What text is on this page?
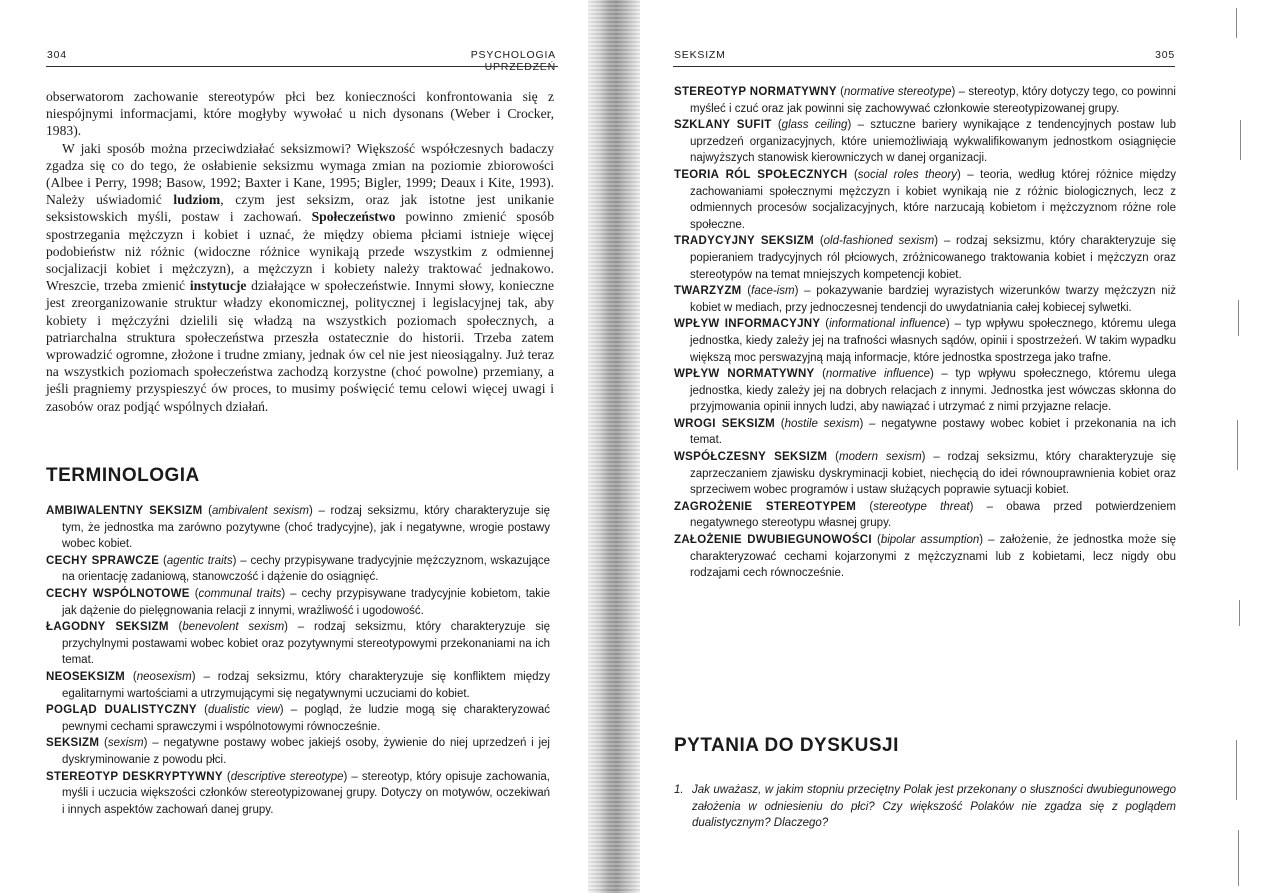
304	PSYCHOLOGIA UPRZEDZEŃ

obserwatorom zachowanie stereotypów płci bez konieczności konfrontowania się z niespójnymi informacjami, które mogłyby wywołać u nich dysonans (Weber i Crocker, 1983).

W jaki sposób można przeciwdziałać seksizmowi? Większość współczesnych badaczy zgadza się co do tego, że osłabienie seksizmu wymaga zmian na poziomie zbiorowości (Albee i Perry, 1998; Basow, 1992; Baxter i Kane, 1995; Bigler, 1999; Deaux i Kite, 1993). Należy uświadomić ludziom, czym jest seksizm, oraz jak istotne jest unikanie seksistowskich myśli, postaw i zachowań. Społeczeństwo powinno zmienić sposób spostrzegania mężczyzn i kobiet i uznać, że między obiema płciami istnieje więcej podobieństw niż różnic (widoczne różnice wynikają przede wszystkim z odmiennej socjalizacji kobiet i mężczyzn), a mężczyzn i kobiety należy traktować jednakowo. Wreszcie, trzeba zmienić instytucje działające w społeczeństwie. Innymi słowy, konieczne jest zreorganizowanie struktur władzy ekonomicznej, politycznej i legislacyjnej tak, aby kobiety i mężczyźni dzielili się władzą na wszystkich poziomach społecznych, a patriarchalna struktura społeczeństwa przeszła ostatecznie do historii. Trzeba zatem wprowadzić ogromne, złożone i trudne zmiany, jednak ów cel nie jest nieosiągalny. Już teraz na wszystkich poziomach społeczeństwa zachodzą korzystne (choć powolne) przemiany, a jeśli pragniemy przyspieszyć ów proces, to musimy poświęcić temu celowi więcej uwagi i zasobów oraz podjąć wspólnych działań.

TERMINOLOGIA

AMBIWALENTNY SEKSIZM (ambivalent sexism) – rodzaj seksizmu, który charakteryzuje się tym, że jednostka ma zarówno pozytywne (choć tradycyjne), jak i negatywne, wrogie postawy wobec kobiet.

CECHY SPRAWCZE (agentic traits) – cechy przypisywane tradycyjnie mężczyznom, wskazujące na orientację zadaniową, stanowczość i dążenie do osiągnięć.

CECHY WSPÓLNOTOWE (communal traits) – cechy przypisywane tradycyjnie kobietom, takie jak dążenie do pielęgnowania relacji z innymi, wrażliwość i ugodowość.

ŁAGODNY SEKSIZM (benevolent sexism) – rodzaj seksizmu, który charakteryzuje się przychylnymi postawami wobec kobiet oraz pozytywnymi stereotypowymi przekonaniami na ich temat.

NEOSEKSIZM (neosexism) – rodzaj seksizmu, który charakteryzuje się konfliktem między egalitarnymi wartościami a utrzymującymi się negatywnymi uczuciami do kobiet.

POGLĄD DUALISTYCZNY (dualistic view) – pogląd, że ludzie mogą się charakteryzować pewnymi cechami sprawczymi i wspólnotowymi równocześnie.

SEKSIZM (sexism) – negatywne postawy wobec jakiejś osoby, żywienie do niej uprzedzeń i jej dyskryminowanie z powodu płci.

STEREOTYP DESKRYPTYWNY (descriptive stereotype) – stereotyp, który opisuje zachowania, myśli i uczucia większości członków stereotypizowanej grupy. Dotyczy on motywów, oczekiwań i innych aspektów zachowań danej grupy.

SEKSIZM	305

STEREOTYP NORMATYWNY (normative stereotype) – stereotyp, który dotyczy tego, co powinni myśleć i czuć oraz jak powinni się zachowywać członkowie stereotypizowanej grupy.

SZKLANY SUFIT (glass ceiling) – sztuczne bariery wynikające z tendencyjnych postaw lub uprzedzeń organizacyjnych, które uniemożliwiają wykwalifikowanym jednostkom osiągnięcie najwyższych stanowisk kierowniczych w danej organizacji.

TEORIA RÓL SPOŁECZNYCH (social roles theory) – teoria, według której różnice między zachowaniami społecznymi mężczyzn i kobiet wynikają nie z różnic biologicznych, lecz z odmiennych procesów socjalizacyjnych, które narzucają kobietom i mężczyznom różne role społeczne.

TRADYCYJNY SEKSIZM (old-fashioned sexism) – rodzaj seksizmu, który charakteryzuje się popieraniem tradycyjnych ról płciowych, zróżnicowanego traktowania kobiet i mężczyzn oraz stereotypów na temat mniejszych kompetencji kobiet.

TWARZYZM (face-ism) – pokazywanie bardziej wyrazistych wizerunków twarzy mężczyzn niż kobiet w mediach, przy jednoczesnej tendencji do uwydatniania całej kobiecej sylwetki.

WPŁYW INFORMACYJNY (informational influence) – typ wpływu społecznego, któremu ulega jednostka, kiedy zależy jej na trafności własnych sądów, opinii i spostrzeżeń. W takim wypadku większą moc perswazyjną mają informacje, które jednostka spostrzega jako trafne.

WPŁYW NORMATYWNY (normative influence) – typ wpływu społecznego, któremu ulega jednostka, kiedy zależy jej na dobrych relacjach z innymi. Jednostka jest wówczas skłonna do przyjmowania opinii innych ludzi, aby nawiązać i utrzymać z nimi przyjazne relacje.

WROGI SEKSIZM (hostile sexism) – negatywne postawy wobec kobiet i przekonania na ich temat.

WSPÓŁCZESNY SEKSIZM (modern sexism) – rodzaj seksizmu, który charakteryzuje się zaprzeczaniem zjawisku dyskryminacji kobiet, niechęcią do idei równouprawnienia kobiet oraz sprzeciwem wobec programów i ustaw służących poprawie sytuacji kobiet.

ZAGROŻENIE STEREOTYPEM (stereotype threat) – obawa przed potwierdzeniem negatywnego stereotypu własnej grupy.

ZAŁOŻENIE DWUBIEGUNOWOŚCI (bipolar assumption) – założenie, że jednostka może się charakteryzować cechami kojarzonymi z mężczyznami lub z kobietami, lecz nigdy obu rodzajami cech równocześnie.

PYTANIA DO DYSKUSJI
1. Jak uważasz, w jakim stopniu przeciętny Polak jest przekonany o słuszności dwubiegunowego założenia w odniesieniu do płci? Czy większość Polaków nie zgadza się z poglądem dualistycznym? Dlaczego?
